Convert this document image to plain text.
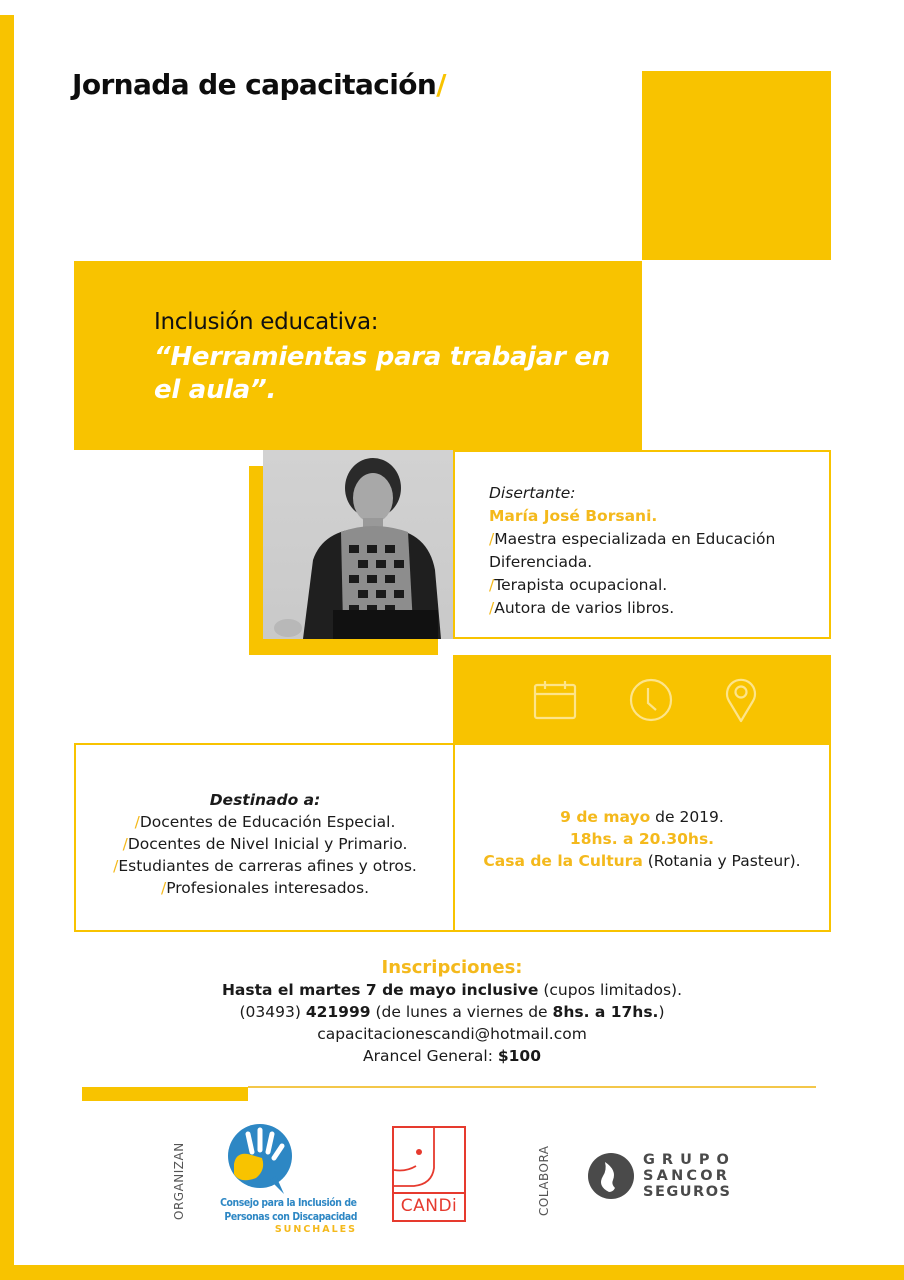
Jornada de capacitación/
Inclusión educativa:
“Herramientas para trabajar en el aula”.
Disertante:
María José Borsani.
/Maestra especializada en Educación
Diferenciada.
/Terapista ocupacional.
/Autora de varios libros.
Destinado a:
/Docentes de Educación Especial.
/Docentes de Nivel Inicial y Primario.
/Estudiantes de carreras afines y otros.
/Profesionales interesados.
9 de mayo de 2019.
18hs. a 20.30hs.
Casa de la Cultura (Rotania y Pasteur).
Inscripciones:
Hasta el martes 7 de mayo inclusive (cupos limitados).
(03493) 421999 (de lunes a viernes de 8hs. a 17hs.)
capacitacionescandi@hotmail.com
Arancel General: $100
ORGANIZAN	COLABORA
Consejo para la Inclusión de
Personas con Discapacidad
SUNCHALES
CANDi
GRUPO
SANCOR
SEGUROS
